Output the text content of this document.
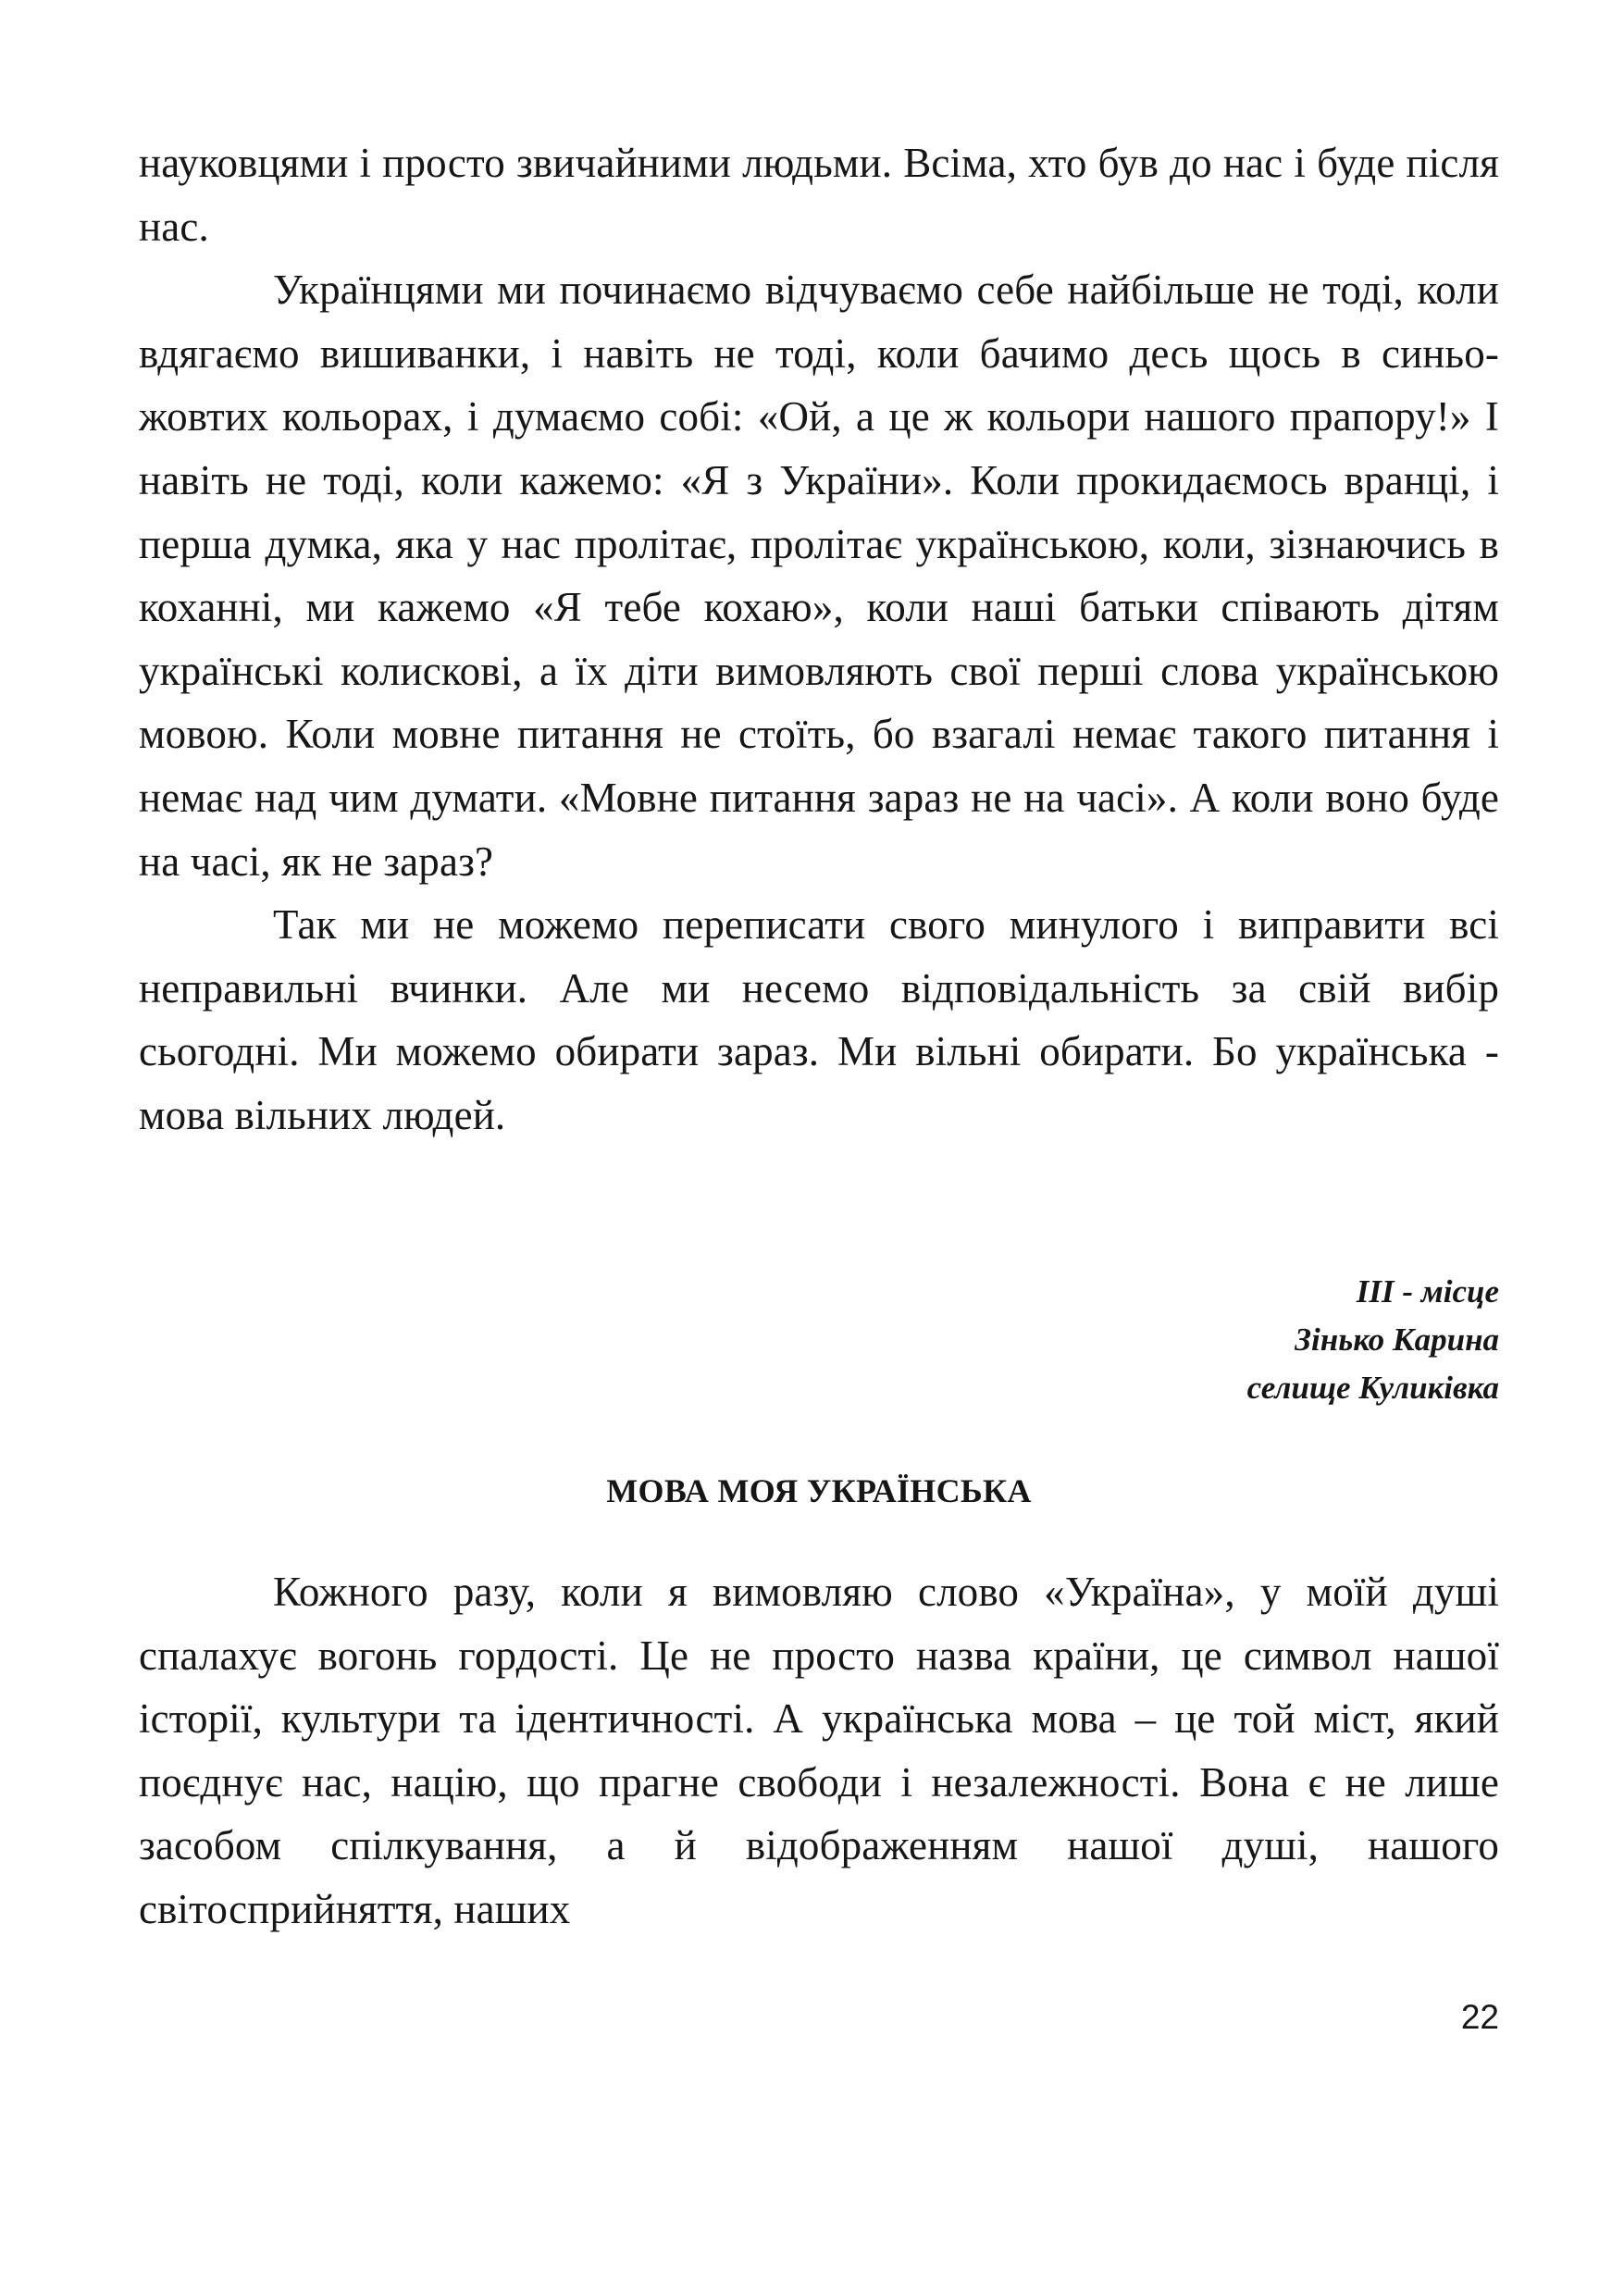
науковцями і просто звичайними людьми. Всіма, хто був до нас і буде після нас.

Українцями ми починаємо відчуваємо себе найбільше не тоді, коли вдягаємо вишиванки, і навіть не тоді, коли бачимо десь щось в синьо-жовтих кольорах, і думаємо собі: «Ой, а це ж кольори нашого прапору!» І навіть не тоді, коли кажемо: «Я з України». Коли прокидаємось вранці, і перша думка, яка у нас пролітає, пролітає українською, коли, зізнаючись в коханні, ми кажемо «Я тебе кохаю», коли наші батьки співають дітям українські колискові, а їх діти вимовляють свої перші слова українською мовою. Коли мовне питання не стоїть, бо взагалі немає такого питання і немає над чим думати. «Мовне питання зараз не на часі». А коли воно буде на часі, як не зараз?

Так ми не можемо переписати свого минулого і виправити всі неправильні вчинки. Але ми несемо відповідальність за свій вибір сьогодні. Ми можемо обирати зараз. Ми вільні обирати. Бо українська - мова вільних людей.

ІІІ - місце
Зінько Карина
селище Куликівка
МОВА МОЯ УКРАЇНСЬКА

Кожного разу, коли я вимовляю слово «Україна», у моїй душі спалахує вогонь гордості. Це не просто назва країни, це символ нашої історії, культури та ідентичності. А українська мова – це той міст, який поєднує нас, націю, що прагне свободи і незалежності. Вона є не лише засобом спілкування, а й відображенням нашої душі, нашого світосприйняття, наших

22
